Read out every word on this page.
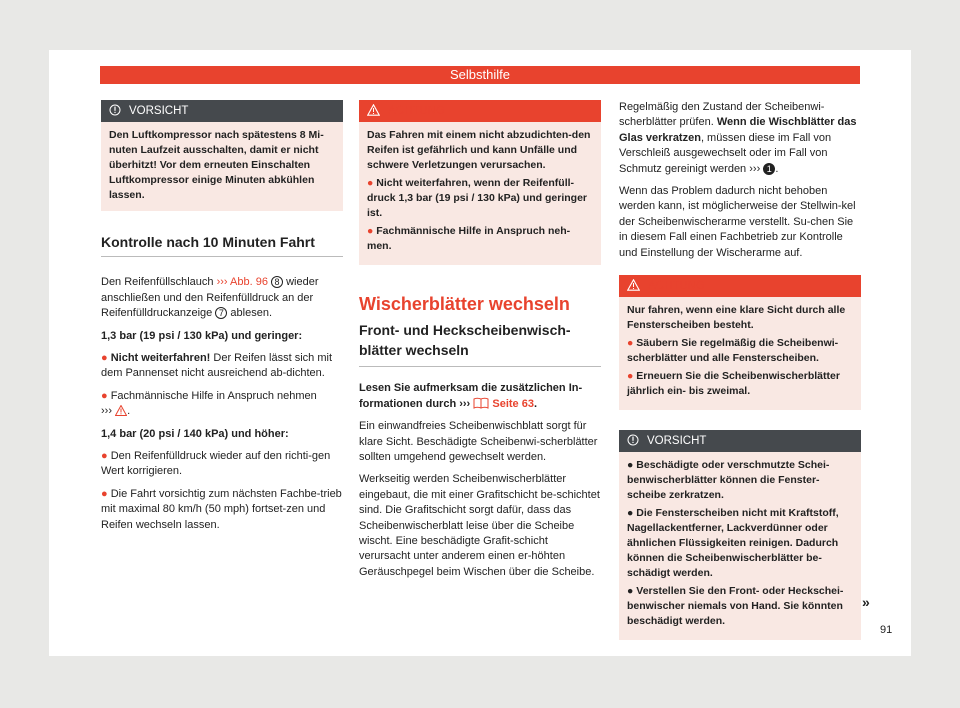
Selbsthilfe
VORSICHT
Den Luftkompressor nach spätestens 8 Mi-nuten Laufzeit ausschalten, damit er nicht überhitzt! Vor dem erneuten Einschalten Luftkompressor einige Minuten abkühlen lassen.
Kontrolle nach 10 Minuten Fahrt

Den Reifenfüllschlauch ››› Abb. 96 8 wieder anschließen und den Reifenfülldruck an der Reifenfülldruckanzeige 7 ablesen.

1,3 bar (19 psi / 130 kPa) und geringer:

● Nicht weiterfahren! Der Reifen lässt sich mit dem Pannenset nicht ausreichend ab-dichten.

● Fachmännische Hilfe in Anspruch nehmen
››› .

1,4 bar (20 psi / 140 kPa) und höher:

● Den Reifenfülldruck wieder auf den richti-gen Wert korrigieren.

● Die Fahrt vorsichtig zum nächsten Fachbe-trieb mit maximal 80 km/h (50 mph) fortset-zen und Reifen wechseln lassen.

ACHTUNG

Das Fahren mit einem nicht abzudichten-den Reifen ist gefährlich und kann Unfälle und schwere Verletzungen verursachen.

● Nicht weiterfahren, wenn der Reifenfüll-druck 1,3 bar (19 psi / 130 kPa) und geringer ist.

● Fachmännische Hilfe in Anspruch neh-men.

Wischerblätter wechseln
Front- und Heckscheibenwisch-blätter wechseln

Lesen Sie aufmerksam die zusätzlichen In-formationen durch ››› Seite 63.

Ein einwandfreies Scheibenwischblatt sorgt für klare Sicht. Beschädigte Scheibenwi-scherblätter sollten umgehend gewechselt werden.

Werkseitig werden Scheibenwischerblätter eingebaut, die mit einer Grafitschicht be-schichtet sind. Die Grafitschicht sorgt dafür, dass das Scheibenwischerblatt leise über die Scheibe wischt. Eine beschädigte Grafit-schicht verursacht unter anderem einen er-höhten Geräuschpegel beim Wischen über die Scheibe.

Regelmäßig den Zustand der Scheibenwi-scherblätter prüfen. Wenn die Wischblätter das Glas verkratzen, müssen diese im Fall von Verschleiß ausgewechselt oder im Fall von Schmutz gereinigt werden ››› 1 .

Wenn das Problem dadurch nicht behoben werden kann, ist möglicherweise der Stellwin-kel der Scheibenwischerarme verstellt. Su-chen Sie in diesem Fall einen Fachbetrieb zur Kontrolle und Einstellung der Wischerarme auf.

ACHTUNG

Nur fahren, wenn eine klare Sicht durch alle Fensterscheiben besteht.

● Säubern Sie regelmäßig die Scheibenwi-scherblätter und alle Fensterscheiben.

● Erneuern Sie die Scheibenwischerblätter jährlich ein- bis zweimal.

VORSICHT

● Beschädigte oder verschmutzte Schei-benwischerblätter können die Fenster-scheibe zerkratzen.

● Die Fensterscheiben nicht mit Kraftstoff, Nagellackentferner, Lackverdünner oder ähnlichen Flüssigkeiten reinigen. Dadurch können die Scheibenwischerblätter be-schädigt werden.

● Verstellen Sie den Front- oder Heckschei-benwischer niemals von Hand. Sie könnten beschädigt werden.

»
91
